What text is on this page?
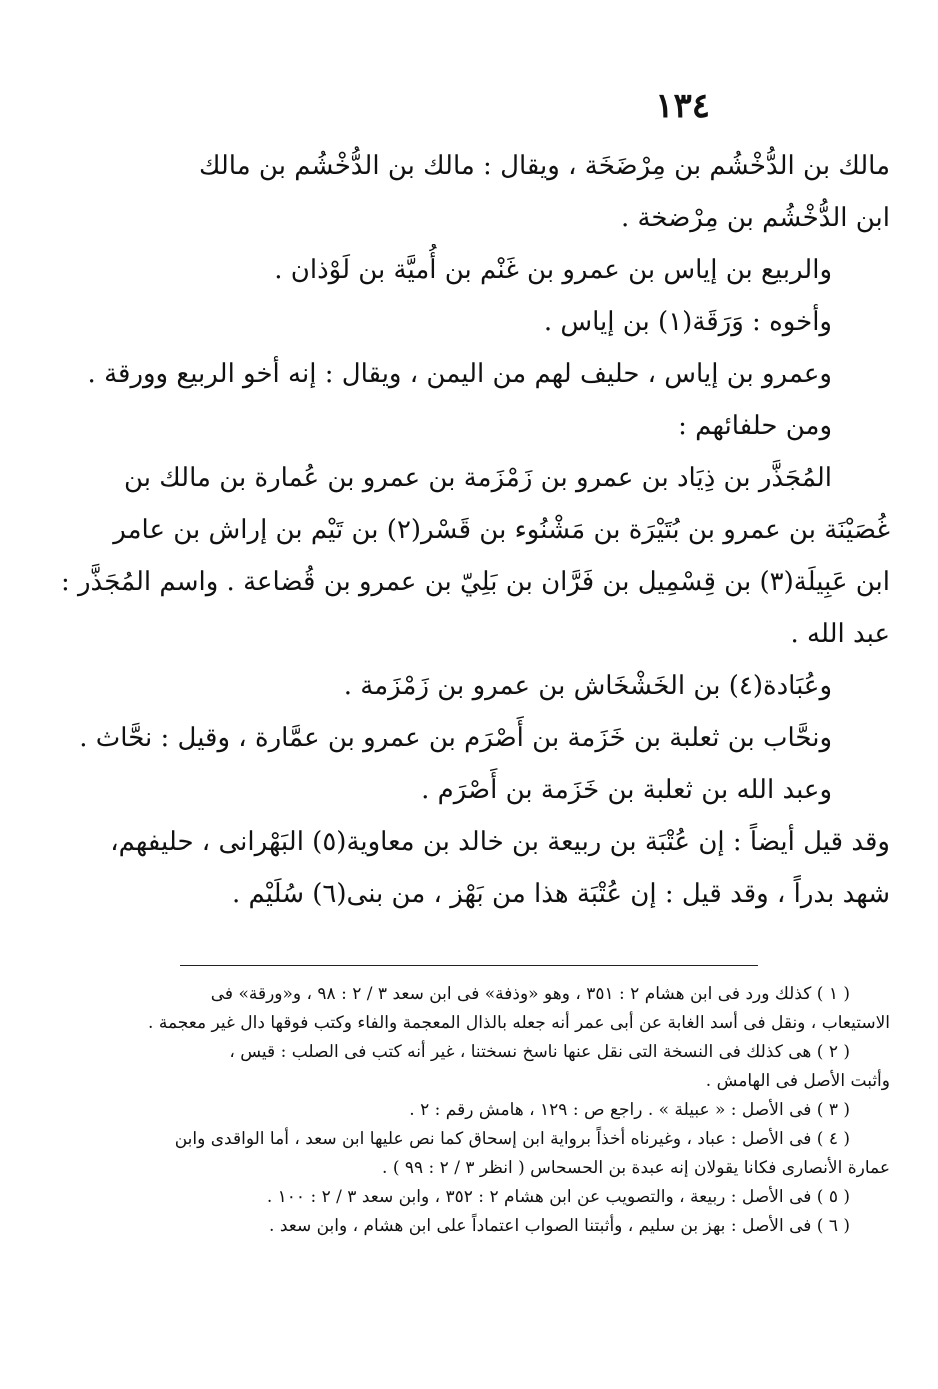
١٣٤
مالك بن الدُّخْشُم بن مِرْضَخَة ، ويقال : مالك بن الدُّخْشُم بن مالك
ابن الدُّخْشُم بن مِرْضخة .
والربيع بن إياس بن عمرو بن غَنْم بن أُميَّة بن لَوْذان .
وأخوه : وَرَقَة(١) بن إياس .
وعمرو بن إياس ، حليف لهم من اليمن ، ويقال : إنه أخو الربيع وورقة .
ومن حلفائهم :
المُجَذَّر بن ذِيَاد بن عمرو بن زَمْزَمة بن عمرو بن عُمارة بن مالك بن
غُصَيْنَة بن عمرو بن بُتَيْرَة بن مَشْنُوء بن قَسْر(٢) بن تَيْم بن إراش بن عامر
ابن عَبِيلَة(٣) بن قِسْمِيل بن فَرَّان بن بَلِيّ بن عمرو بن قُضاعة . واسم المُجَذَّر :
عبد الله .
وعُبَادة(٤) بن الخَشْخَاش بن عمرو بن زَمْزَمة .
ونحَّاب بن ثعلبة بن خَزَمة بن أَصْرَم بن عمرو بن عمَّارة ، وقيل : نحَّاث .
وعبد الله بن ثعلبة بن خَزَمة بن أَصْرَم .
وقد قيل أيضاً : إن عُتْبَة بن ربيعة بن خالد بن معاوية(٥) البَهْرانى ، حليفهم،
شهد بدراً ، وقد قيل : إن عُتْبَة هذا من بَهْز ، من بنى(٦) سُلَيْم .
( ١ ) كذلك ورد فى ابن هشام ٢ : ٣٥١ ، وهو «وذفة» فى ابن سعد ٣ / ٢ : ٩٨ ، و«ورقة» فى
الاستيعاب ، ونقل فى أسد الغابة عن أبى عمر أنه جعله بالذال المعجمة والفاء وكتب فوقها دال غير معجمة .
( ٢ ) هى كذلك فى النسخة التى نقل عنها ناسخ نسختنا ، غير أنه كتب فى الصلب : قيس ،
وأثبت الأصل فى الهامش .
( ٣ ) فى الأصل : « عبيلة » . راجع ص : ١٢٩ ، هامش رقم : ٢ .
( ٤ ) فى الأصل : عباد ، وغيرناه أخذاً برواية ابن إسحاق كما نص عليها ابن سعد ، أما الواقدى وابن
عمارة الأنصارى فكانا يقولان إنه عبدة بن الحسحاس ( انظر ٣ / ٢ : ٩٩ ) .
( ٥ ) فى الأصل : ربيعة ، والتصويب عن ابن هشام ٢ : ٣٥٢ ، وابن سعد ٣ / ٢ : ١٠٠ .
( ٦ ) فى الأصل : بهز بن سليم ، وأثبتنا الصواب اعتماداً على ابن هشام ، وابن سعد .
